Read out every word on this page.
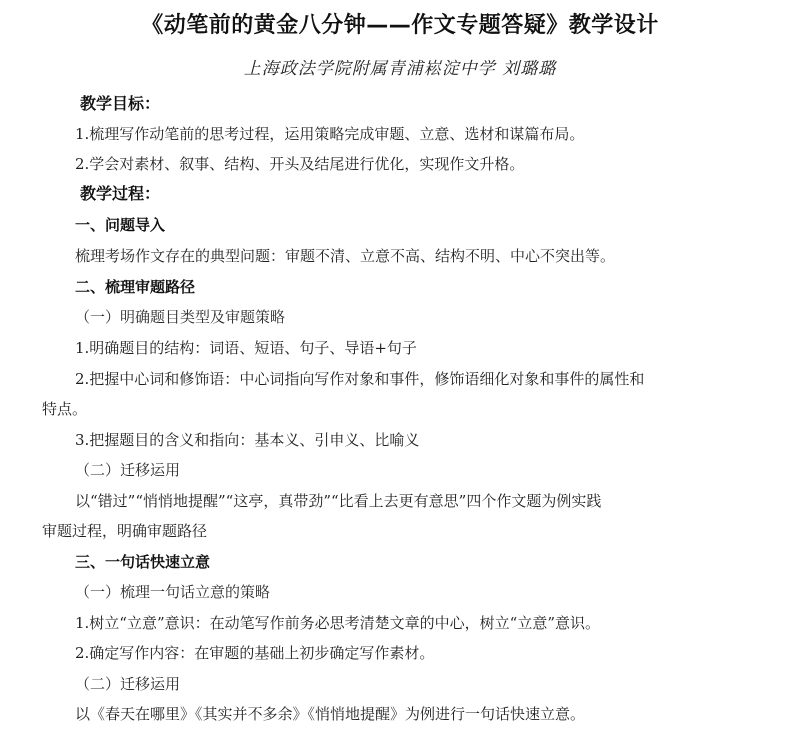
《动笔前的黄金八分钟——作文专题答疑》教学设计
上海政法学院附属青浦崧淀中学 刘璐璐
教学目标：
1.梳理写作动笔前的思考过程，运用策略完成审题、立意、选材和谋篇布局。
2.学会对素材、叙事、结构、开头及结尾进行优化，实现作文升格。
教学过程：
一、问题导入
梳理考场作文存在的典型问题：审题不清、立意不高、结构不明、中心不突出等。
二、梳理审题路径
（一）明确题目类型及审题策略
1.明确题目的结构：词语、短语、句子、导语+句子
2.把握中心词和修饰语：中心词指向写作对象和事件，修饰语细化对象和事件的属性和
特点。
3.把握题目的含义和指向：基本义、引申义、比喻义
（二）迁移运用
以“错过”“悄悄地提醒”“这亭，真带劲”“比看上去更有意思”四个作文题为例实践
审题过程，明确审题路径
三、一句话快速立意
（一）梳理一句话立意的策略
1.树立“立意”意识：在动笔写作前务必思考清楚文章的中心，树立“立意”意识。
2.确定写作内容：在审题的基础上初步确定写作素材。
（二）迁移运用
以《春天在哪里》《其实并不多余》《悄悄地提醒》为例进行一句话快速立意。
